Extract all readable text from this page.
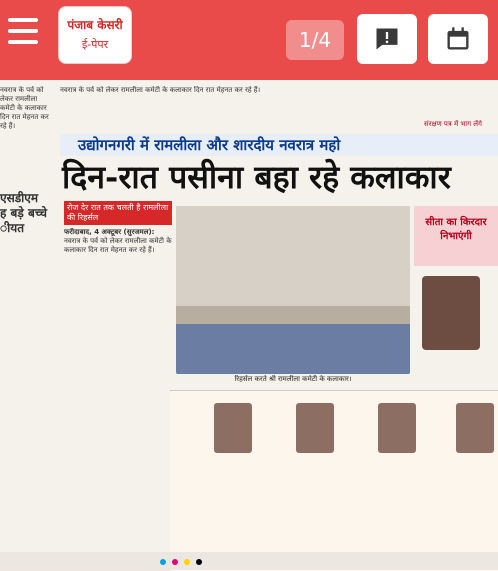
पंजाब केसरी
ई-पेपर	1/4
नवरात्र के पर्व को लेकर रामलीला कमेटी के कलाकार दिन रात मेहनत कर रहे हैं।
एसडीएम
ह बड़े बच्चे
ीयत
नवरात्र के पर्व को लेकर रामलीला कमेटी के कलाकार दिन रात मेहनत कर रहे हैं।
संरक्षण पत्र में भाग लेंगे
उद्योगनगरी में रामलीला और शारदीय नवरात्र महो
दिन-रात पसीना बहा रहे कलाकार
रोज देर रात तक चलती है रामलीला की रिहर्सल
फरीदाबाद, 4 अक्टूबर (सुरजमल):
नवरात्र के पर्व को लेकर रामलीला कमेटी के कलाकार दिन रात मेहनत कर रहे हैं।
रिहर्सल करते श्री रामलीला कमेटी के कलाकार।
सीता का किरदार निभाएंगी
